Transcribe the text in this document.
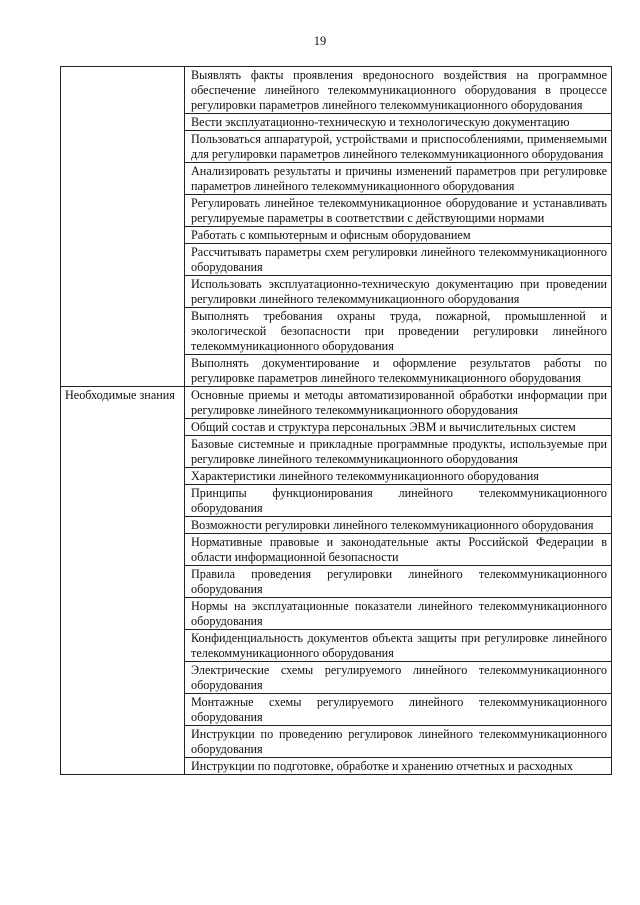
19
	Выявлять факты проявления вредоносного воздействия на программное обеспечение линейного телекоммуникационного оборудования в процессе регулировки параметров линейного телекоммуникационного оборудования
	Вести эксплуатационно-техническую и технологическую документацию
	Пользоваться аппаратурой, устройствами и приспособлениями, применяемыми для регулировки параметров линейного телекоммуникационного оборудования
	Анализировать результаты и причины изменений параметров при регулировке параметров линейного телекоммуникационного оборудования
	Регулировать линейное телекоммуникационное оборудование и устанавливать регулируемые параметры в соответствии с действующими нормами
	Работать с компьютерным и офисным оборудованием
	Рассчитывать параметры схем регулировки линейного телекоммуникационного оборудования
	Использовать эксплуатационно-техническую документацию при проведении регулировки линейного телекоммуникационного оборудования
	Выполнять требования охраны труда, пожарной, промышленной и экологической безопасности при проведении регулировки линейного телекоммуникационного оборудования
	Выполнять документирование и оформление результатов работы по регулировке параметров линейного телекоммуникационного оборудования

Необходимые знания	Основные приемы и методы автоматизированной обработки информации при регулировке линейного телекоммуникационного оборудования
	Общий состав и структура персональных ЭВМ и вычислительных систем
	Базовые системные и прикладные программные продукты, используемые при регулировке линейного телекоммуникационного оборудования
	Характеристики линейного телекоммуникационного оборудования
	Принципы функционирования линейного телекоммуникационного оборудования
	Возможности регулировки линейного телекоммуникационного оборудования
	Нормативные правовые и законодательные акты Российской Федерации в области информационной безопасности
	Правила проведения регулировки линейного телекоммуникационного оборудования
	Нормы на эксплуатационные показатели линейного телекоммуникационного оборудования
	Конфиденциальность документов объекта защиты при регулировке линейного телекоммуникационного оборудования
	Электрические схемы регулируемого линейного телекоммуникационного оборудования
	Монтажные схемы регулируемого линейного телекоммуникационного оборудования
	Инструкции по проведению регулировок линейного телекоммуникационного оборудования
	Инструкции по подготовке, обработке и хранению отчетных и расходных
